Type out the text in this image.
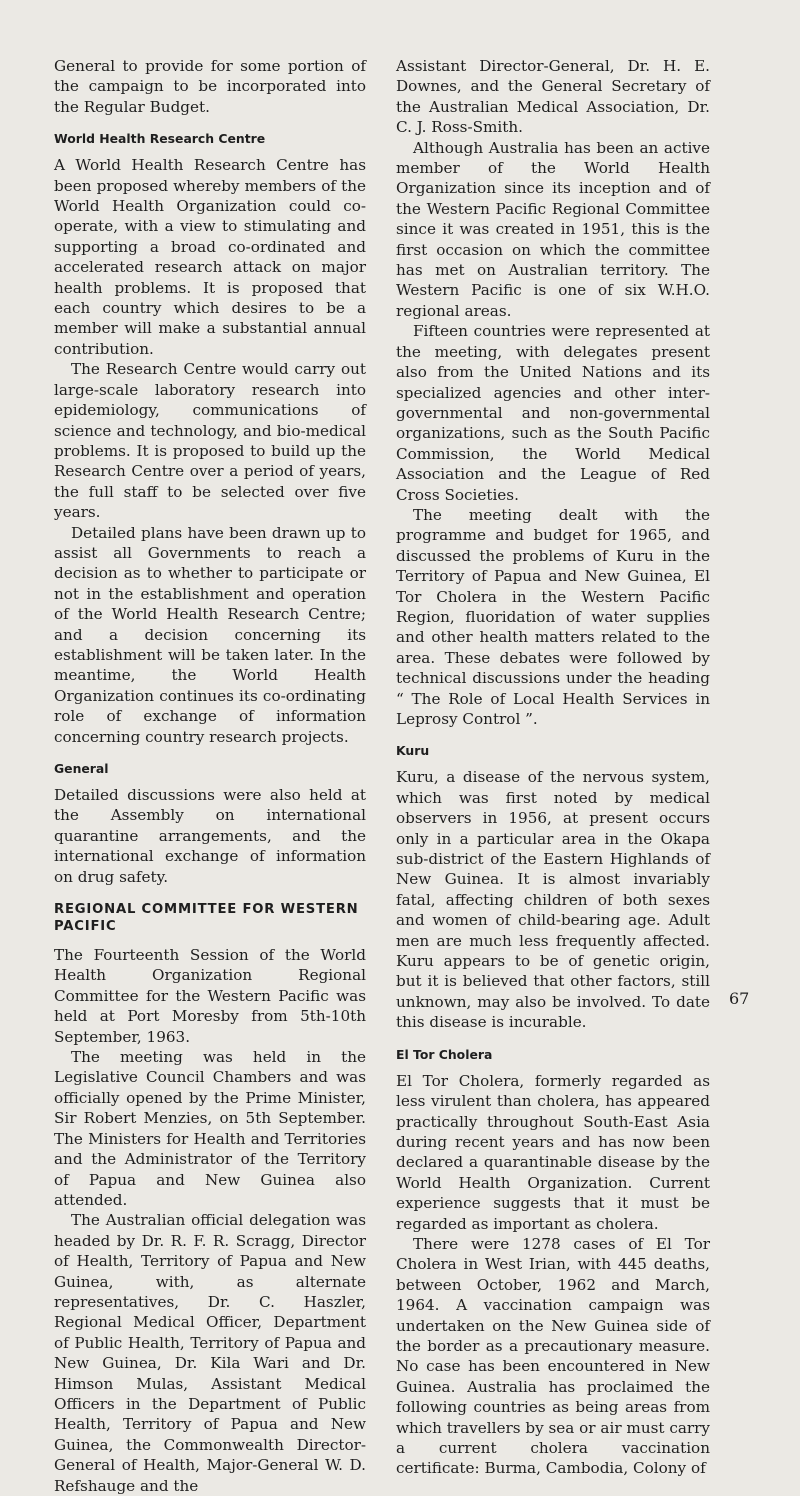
General to provide for some portion of the campaign to be incorporated into the Regular Budget.

World Health Research Centre

A World Health Research Centre has been proposed whereby members of the World Health Organization could co-operate, with a view to stimulating and supporting a broad co-ordinated and accelerated research attack on major health problems. It is proposed that each country which desires to be a member will make a substantial annual contribution.

The Research Centre would carry out large-scale laboratory research into epidemiology, communications of science and technology, and bio-medical problems. It is proposed to build up the Research Centre over a period of years, the full staff to be selected over five years.

Detailed plans have been drawn up to assist all Governments to reach a decision as to whether to participate or not in the establishment and operation of the World Health Research Centre; and a decision concerning its establishment will be taken later. In the meantime, the World Health Organization continues its co-ordinating role of exchange of information concerning country research projects.

General

Detailed discussions were also held at the Assembly on international quarantine arrangements, and the international exchange of information on drug safety.

REGIONAL COMMITTEE FOR WESTERN PACIFIC

The Fourteenth Session of the World Health Organization Regional Committee for the Western Pacific was held at Port Moresby from 5th-10th September, 1963.

The meeting was held in the Legislative Council Chambers and was officially opened by the Prime Minister, Sir Robert Menzies, on 5th September. The Ministers for Health and Territories and the Administrator of the Territory of Papua and New Guinea also attended.

The Australian official delegation was headed by Dr. R. F. R. Scragg, Director of Health, Territory of Papua and New Guinea, with, as alternate representatives, Dr. C. Haszler, Regional Medical Officer, Department of Public Health, Territory of Papua and New Guinea, Dr. Kila Wari and Dr. Himson Mulas, Assistant Medical Officers in the Department of Public Health, Territory of Papua and New Guinea, the Commonwealth Director-General of Health, Major-General W. D. Refshauge and the

Assistant Director-General, Dr. H. E. Downes, and the General Secretary of the Australian Medical Association, Dr. C. J. Ross-Smith.

Although Australia has been an active member of the World Health Organization since its inception and of the Western Pacific Regional Committee since it was created in 1951, this is the first occasion on which the committee has met on Australian territory. The Western Pacific is one of six W.H.O. regional areas.

Fifteen countries were represented at the meeting, with delegates present also from the United Nations and its specialized agencies and other inter-governmental and non-governmental organizations, such as the South Pacific Commission, the World Medical Association and the League of Red Cross Societies.

The meeting dealt with the programme and budget for 1965, and discussed the problems of Kuru in the Territory of Papua and New Guinea, El Tor Cholera in the Western Pacific Region, fluoridation of water supplies and other health matters related to the area. These debates were followed by technical discussions under the heading “ The Role of Local Health Services in Leprosy Control ”.

Kuru

Kuru, a disease of the nervous system, which was first noted by medical observers in 1956, at present occurs only in a particular area in the Okapa sub-district of the Eastern Highlands of New Guinea. It is almost invariably fatal, affecting children of both sexes and women of child-bearing age. Adult men are much less frequently affected. Kuru appears to be of genetic origin, but it is believed that other factors, still unknown, may also be involved. To date this disease is incurable.

El Tor Cholera

El Tor Cholera, formerly regarded as less virulent than cholera, has appeared practically throughout South-East Asia during recent years and has now been declared a quarantinable disease by the World Health Organization. Current experience suggests that it must be regarded as important as cholera.

There were 1278 cases of El Tor Cholera in West Irian, with 445 deaths, between October, 1962 and March, 1964. A vaccination campaign was undertaken on the New Guinea side of the border as a precautionary measure. No case has been encountered in New Guinea. Australia has proclaimed the following countries as being areas from which travellers by sea or air must carry a current cholera vaccination certificate: Burma, Cambodia, Colony of

67
